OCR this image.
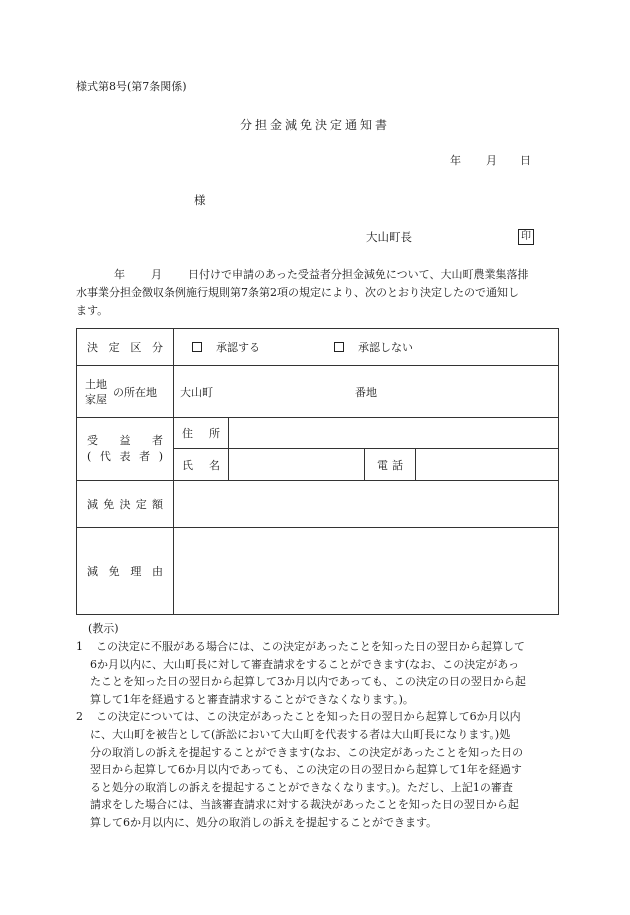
様式第8号(第7条関係)
分担金減免決定通知書
年 月 日
様
大山町長	印
年 月 日付けで申請のあった受益者分担金減免について、大山町農業集落排
水事業分担金徴収条例施行規則第7条第2項の規定により、次のとおり決定したので通知し
ます。
決定区分	承認する 承認しない			

土地
家屋
の所在地	大山町 番地			

受益者
(代表者)	住所			
	氏名		電話	
減免決定額				
減免理由				
(教示)
1	この決定に不服がある場合には、この決定があったことを知った日の翌日から起算して
6か月以内に、大山町長に対して審査請求をすることができます(なお、この決定があっ
たことを知った日の翌日から起算して3か月以内であっても、この決定の日の翌日から起
算して1年を経過すると審査請求することができなくなります。)。
2	この決定については、この決定があったことを知った日の翌日から起算して6か月以内
に、大山町を被告として(訴訟において大山町を代表する者は大山町長になります。)処
分の取消しの訴えを提起することができます(なお、この決定があったことを知った日の
翌日から起算して6か月以内であっても、この決定の日の翌日から起算して1年を経過す
ると処分の取消しの訴えを提起することができなくなります。)。ただし、上記1の審査
請求をした場合には、当該審査請求に対する裁決があったことを知った日の翌日から起
算して6か月以内に、処分の取消しの訴えを提起することができます。
